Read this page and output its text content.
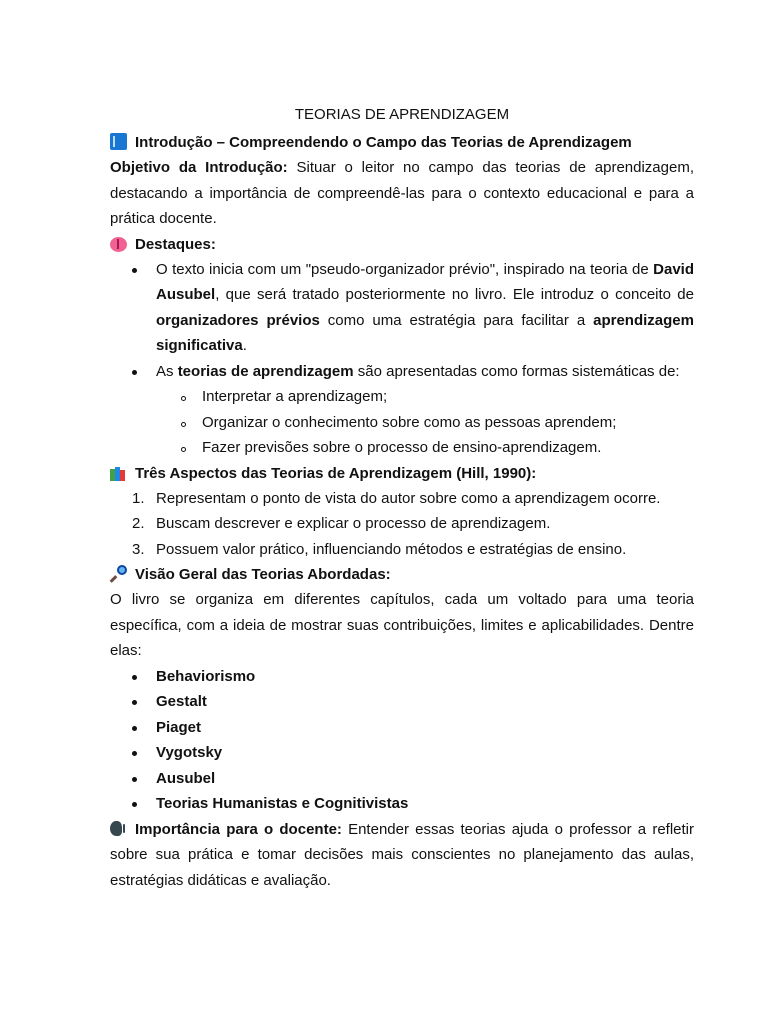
TEORIAS DE APRENDIZAGEM
Introdução – Compreendendo o Campo das Teorias de Aprendizagem

Objetivo da Introdução: Situar o leitor no campo das teorias de aprendizagem, destacando a importância de compreendê-las para o contexto educacional e para a prática docente.

Destaques:
O texto inicia com um "pseudo-organizador prévio", inspirado na teoria de David Ausubel, que será tratado posteriormente no livro. Ele introduz o conceito de organizadores prévios como uma estratégia para facilitar a aprendizagem significativa.
As teorias de aprendizagem são apresentadas como formas sistemáticas de:
Interpretar a aprendizagem;
Organizar o conhecimento sobre como as pessoas aprendem;
Fazer previsões sobre o processo de ensino-aprendizagem.
Três Aspectos das Teorias de Aprendizagem (Hill, 1990):
1. Representam o ponto de vista do autor sobre como a aprendizagem ocorre.
2. Buscam descrever e explicar o processo de aprendizagem.
3. Possuem valor prático, influenciando métodos e estratégias de ensino.
Visão Geral das Teorias Abordadas:

O livro se organiza em diferentes capítulos, cada um voltado para uma teoria específica, com a ideia de mostrar suas contribuições, limites e aplicabilidades. Dentre elas:

Behaviorismo
Gestalt
Piaget
Vygotsky
Ausubel
Teorias Humanistas e Cognitivistas

Importância para o docente: Entender essas teorias ajuda o professor a refletir sobre sua prática e tomar decisões mais conscientes no planejamento das aulas, estratégias didáticas e avaliação.
